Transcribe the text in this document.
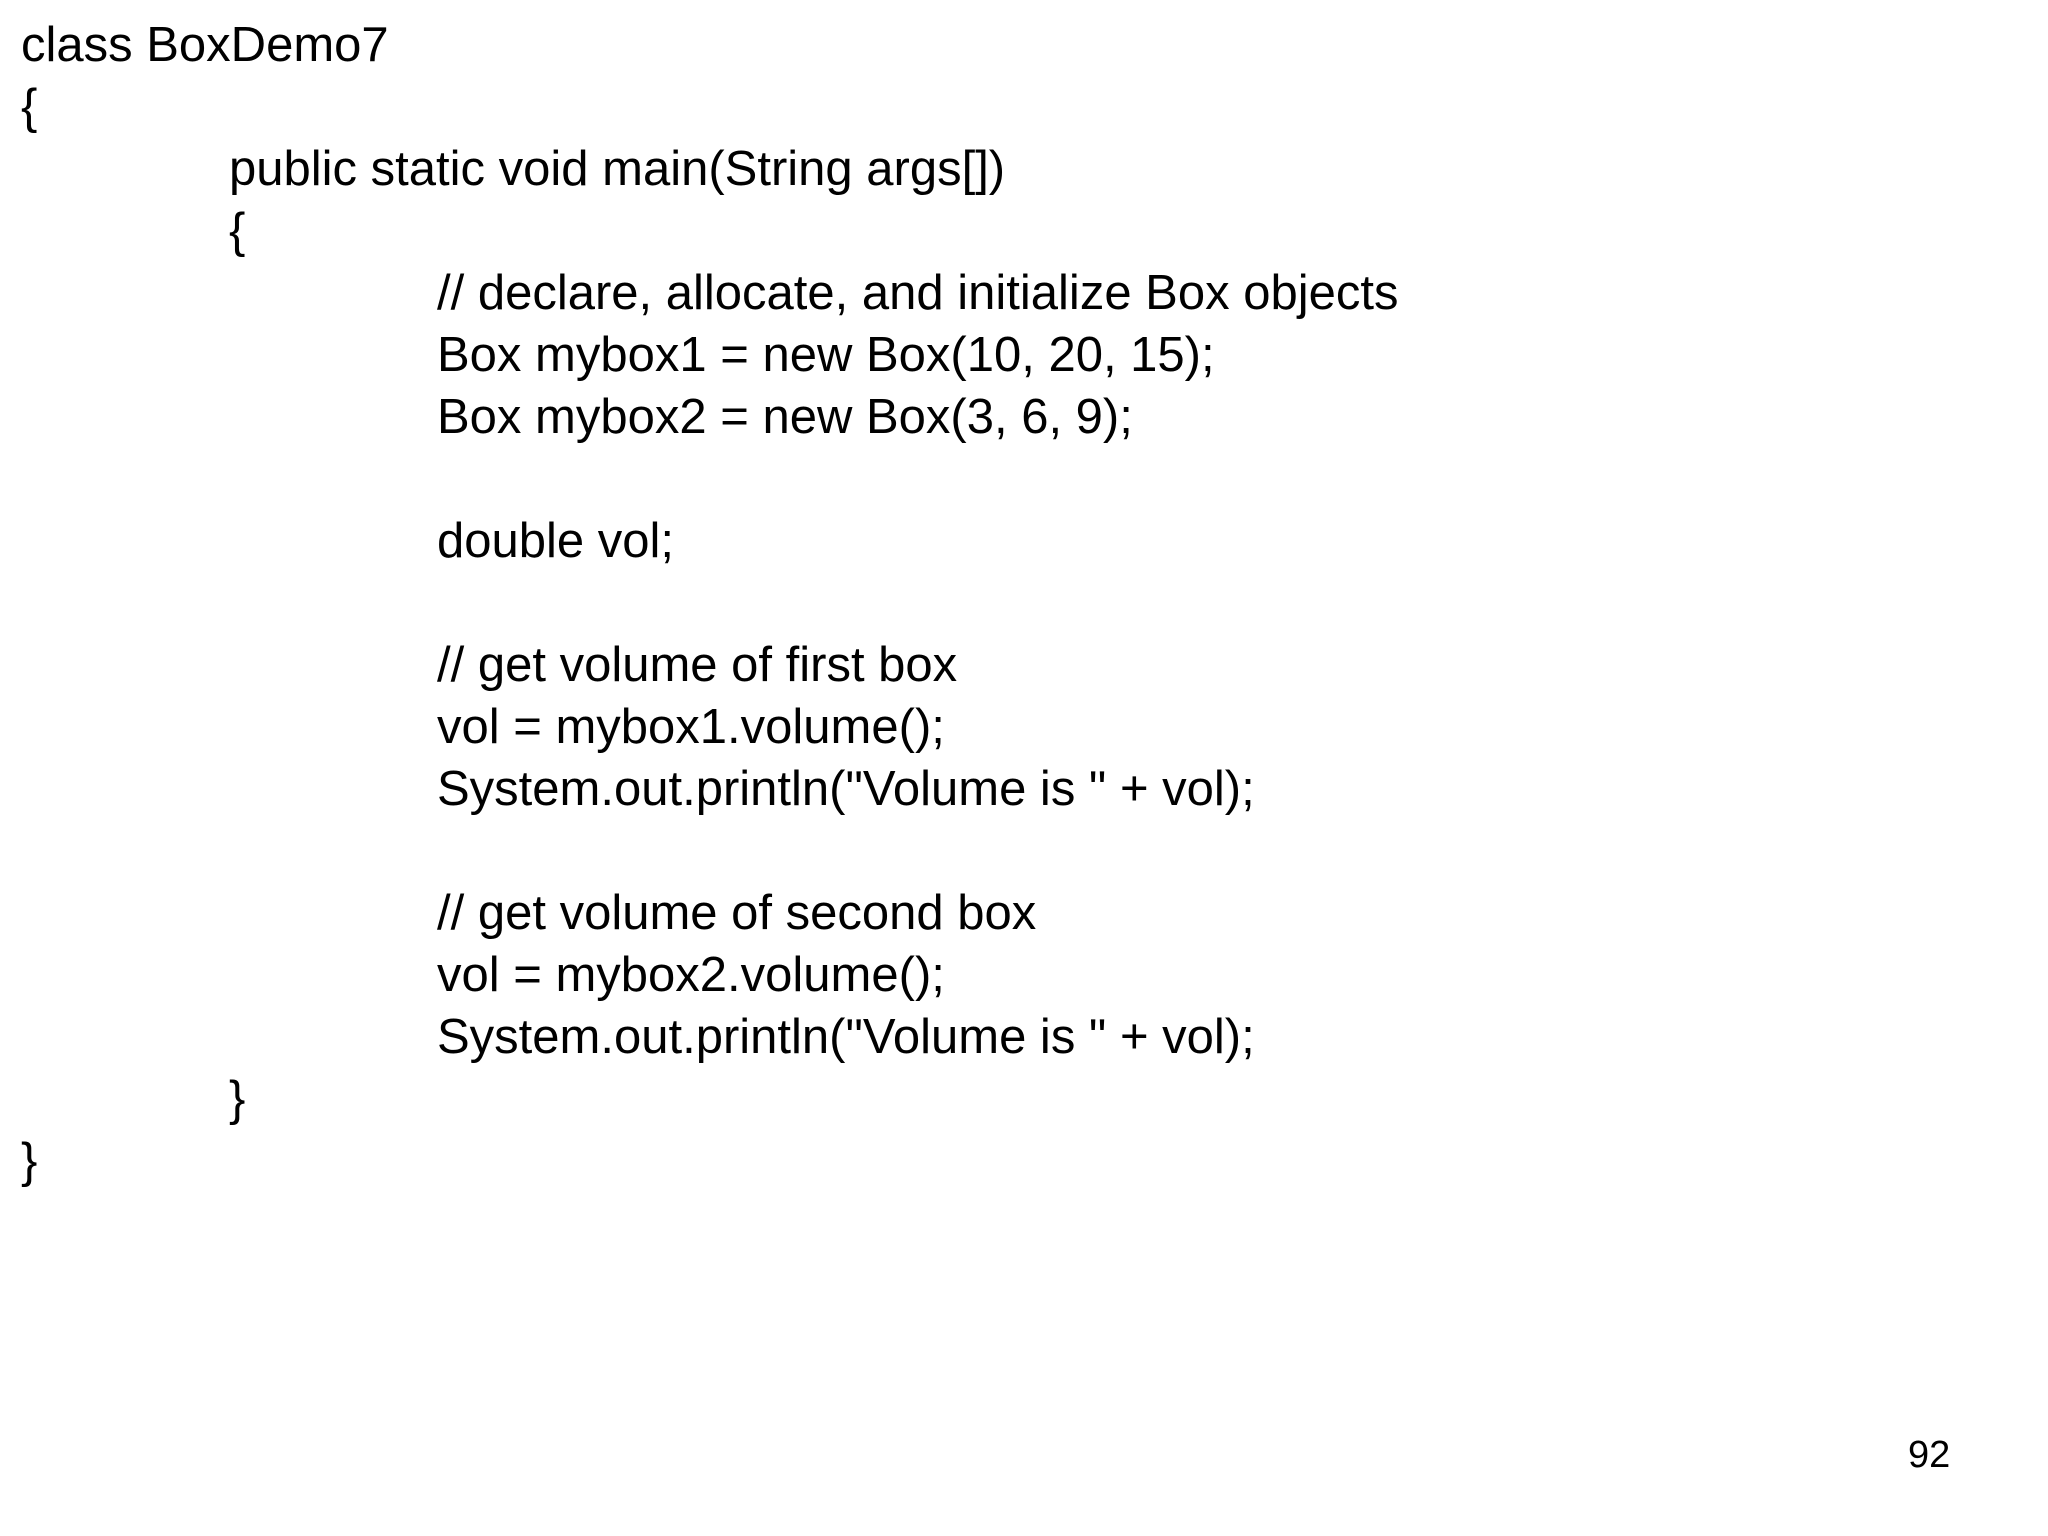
class BoxDemo7
{
public static void main(String args[])
{
// declare, allocate, and initialize Box objects
Box mybox1 = new Box(10, 20, 15);
Box mybox2 = new Box(3, 6, 9);
double vol;
// get volume of first box
vol = mybox1.volume();
System.out.println("Volume is " + vol);
// get volume of second box
vol = mybox2.volume();
System.out.println("Volume is " + vol);
}
}
92
